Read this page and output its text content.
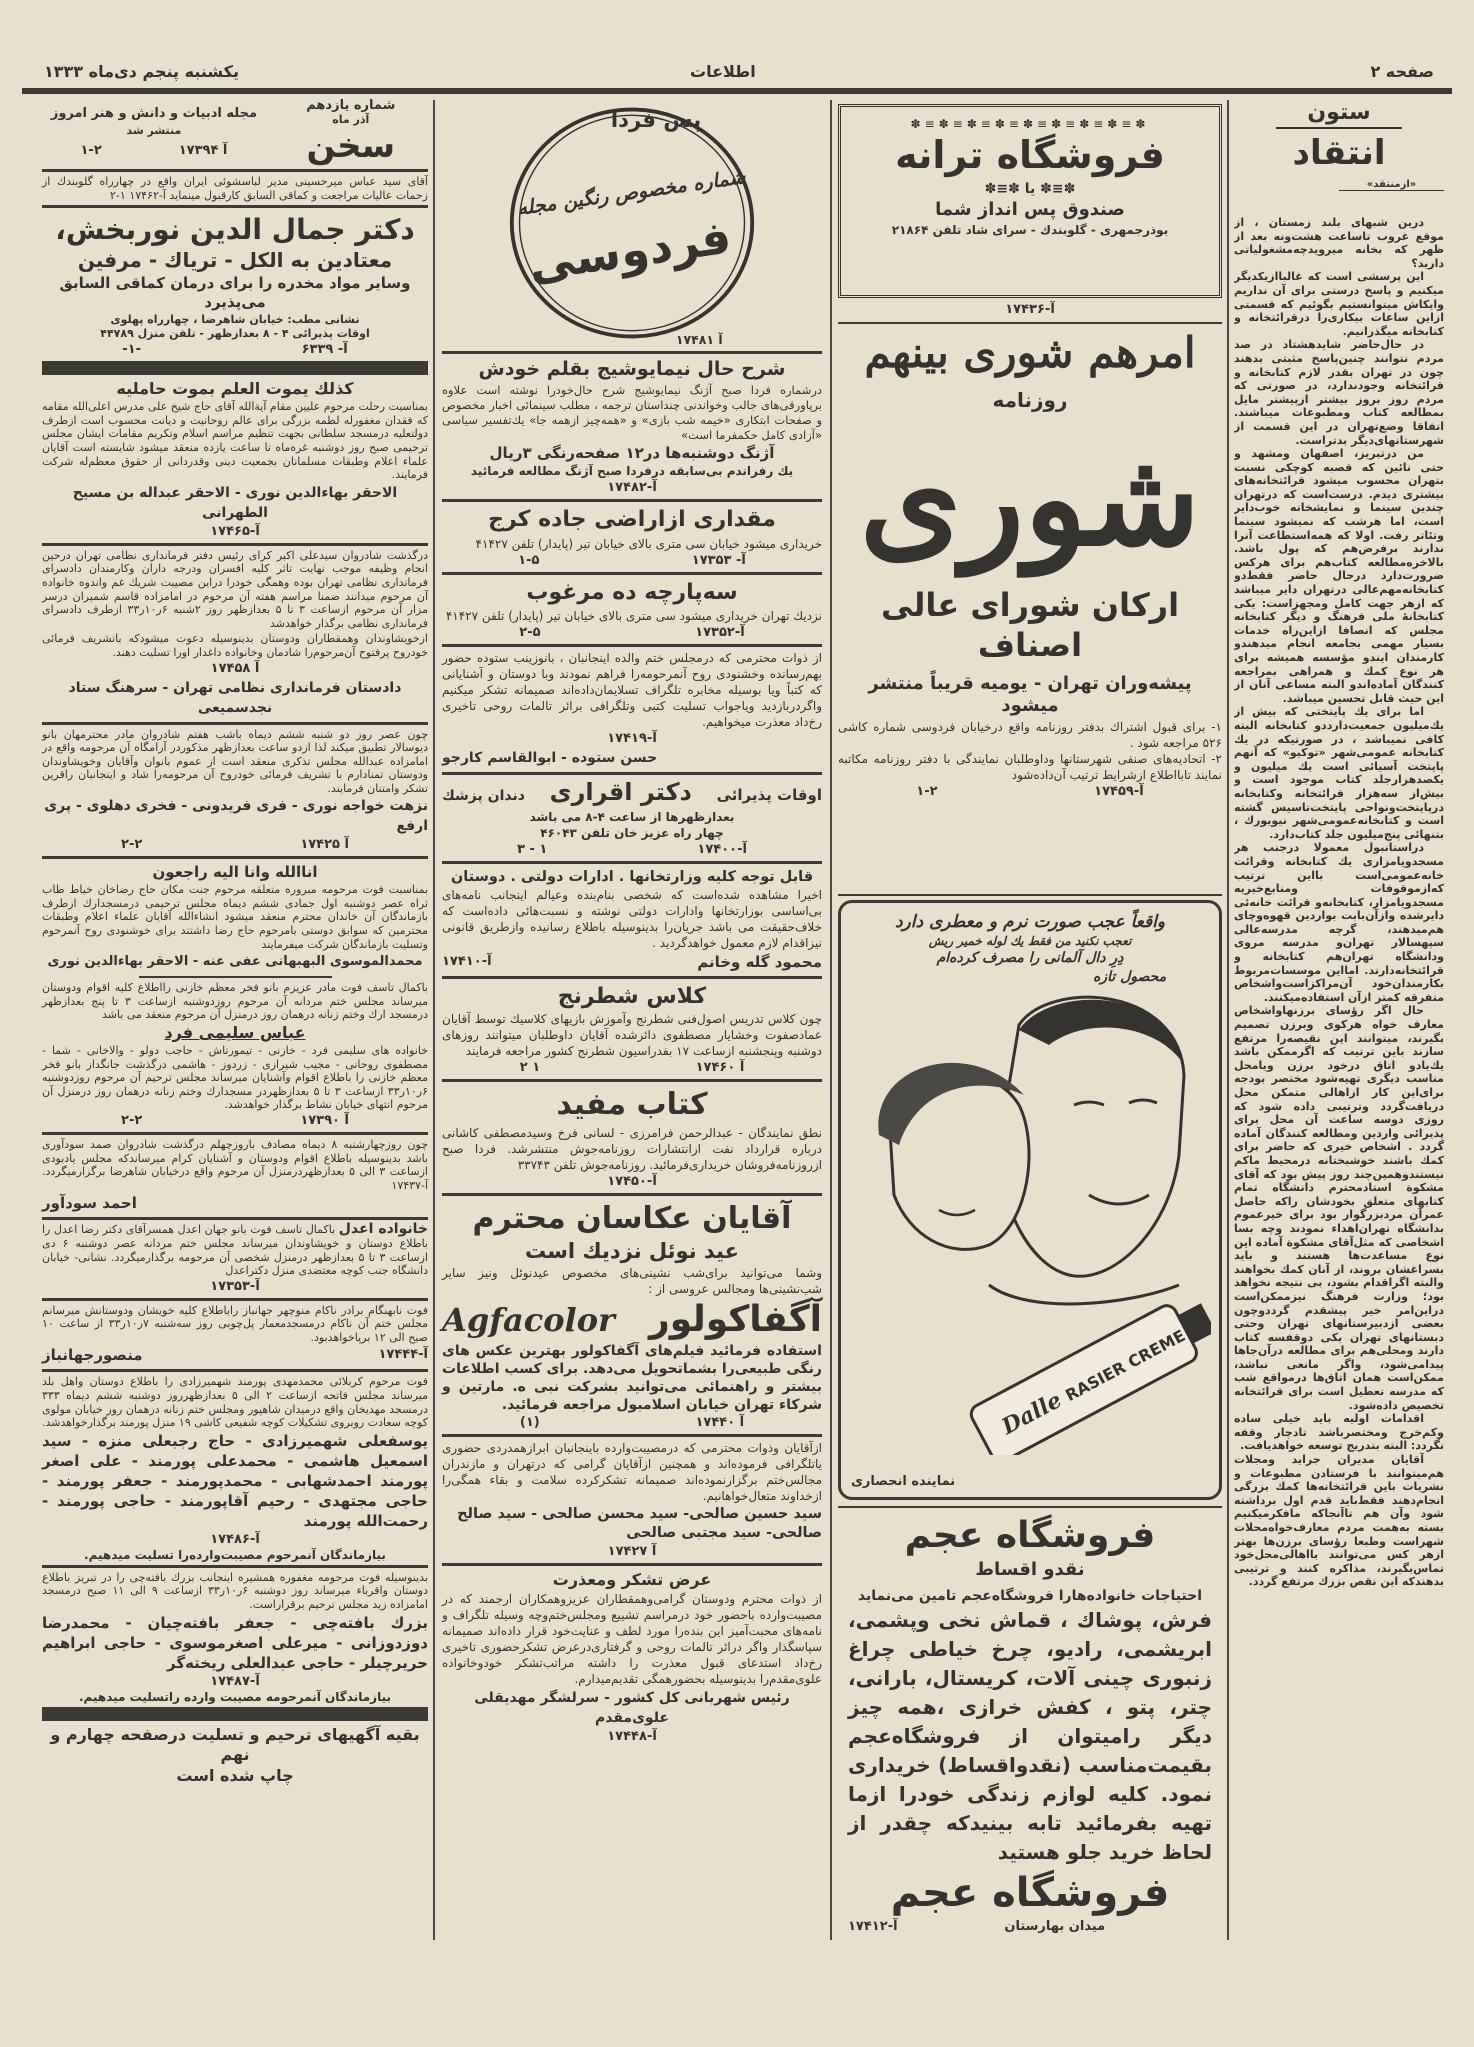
صفحه ۲
اطلاعات
یکشنبه پنجم دی‌ماه ۱۳۳۳
شماره یازدهم
آذر ماه
سخن
مجله ادبیات و دانش و هنر امروز
منتشر شد
آ ۱۷۳۹۴
۱-۲

آقای سید عباس میرحسینی مدیر لباسشوئی ایران واقع در چهارراه گلوبندك از زحمات عالیات مراجعت و کماقی السابق کارقبول مینماید آ-۱۷۴۶۲ ۱-۲

دکتر جمال الدین نوربخش،
معتادین به الکل - تریاك - مرفین
وسایر مواد مخدره را برای درمان کماقی السابق می‌پذیرد
نشانی مطب: خیابان شاهرضا ، چهارراه پهلوی
اوقات پذیرائی ۴ - ۸ بعدازظهر - تلفن منزل ۴۴۷۸۹
آ- ۶۳۳۹
-۱-
کذلك یموت العلم بموت حامليه

بمناسبت رحلت مرحوم علیین مقام آیة‌الله آقای حاج شیخ علی مدرس اعلی‌الله مقامه که فقدان مغفورله لطمه بزرگی برای عالم روحانیت و دیانت محسوب است ازطرف دولتعلیه درمسجد سلطانی بجهت تنظیم مراسم اسلام وتکریم مقامات ایشان مجلس ترحیمی صبح روز دوشنبه غره‌ماه تا ساعت یازده منعقد میشود شایسته است آقایان علماء اعلام وطبقات مسلمانان بجمعیت دینی وقدردانی از حقوق معظم‌له شرکت فرمایند.

الاحقر بهاءالدین نوری - الاحقر عبداله بن مسیح الطهرانی
آ-۱۷۴۶۵

درگذشت شادروان سیدعلی اکبر کرای رئیس دفتر فرمانداری نظامی تهران درحین انجام وظیفه موجب نهایت تاثر کلیه افسران ودرجه داران وکارمندان دادسرای فرمانداری نظامی تهران بوده وهمگی خودرا دراین مصیبت شریك غم واندوه خانواده آن مرحوم میدانند ضمنا مراسم هفته آن مرحوم در امامزاده قاسم شمیران درسر مزار آن مرحوم ازساعت ۳ تا ۵ بعدازظهر روز ۲شنبه ۶ر۱۰ر۳۳ ازطرف دادسرای فرمانداری نظامی برگذار خواهدشد

ازخویشاوندان وهمقطاران ودوستان بدینوسیله دعوت میشودکه باتشریف فرمائی خودروح پرفتوح آن‌مرحوم‌را شادمان وخانواده داغدار اورا تسلیت دهند.

آ ۱۷۴۵۸
دادستان فرمانداری نظامی تهران - سرهنگ ستاد نجدسمیعی

چون عصر روز دو شنبه ششم دیماه باشب هفتم شادروان مادر محترمهان بانو دیوسالار تطبیق میکند لذا ازدو ساعت بعدازظهر مذکوردر آرامگاه آن مرحومه واقع در امامزاده عبدالله مجلس تذکری منعقد است از عموم بانوان وآقایان وخویشاوندان ودوستان تمنادارم با تشریف فرمائی خودروح آن مرحومه‌را شاد و اینجانبان راقرین تشکر وامتنان فرمایند.

نزهت خواجه نوری - فری فریدونی - فخری دهلوی - پری ارفع
آ ۱۷۴۲۵
۲-۲
اناالله وانا الیه راجعون

بمناسبت فوت مرحومه مبروره متعلقه مرحوم جنت مکان حاج رضاخان خیاط طاب ثراه عصر دوشنبه اول جمادی ششم دیماه مجلس ترحیمی درمسجدارك ازطرف بازماندگان آن خاندان محترم منعقد میشود انشاءالله آقایان علماء اعلام وطبقات محترمین که سوابق دوستی بامرحوم حاج رضا داشتند برای خوشنودی روح آنمرحوم وتسلیت بازماندگان شرکت میفرمایند

محمدالموسوی البهبهانی عفی عنه - الاحقر بهاءالدین نوری

باکمال تاسف فوت مادر عزیزم بانو فخر معظم خازنی رااطلاع کلیه اقوام ودوستان میرساند مجلس ختم مردانه آن مرحوم روزدوشنبه ازساعت ۳ تا پنج بعدازظهر درمسجد ارك وختم زنانه درهمان روز درمنزل آن مرحوم منعقد می باشد

عباس سلیمی فرد

خانواده های سلیمی فرد - خازنی - تیمورتاش - حاجب دولو - والاخانی - شما - مصطفوی روحانی - مجیب شیرازی - زردوز - هاشمی درگذشت جانگداز بانو فخر معظم خازنی را باطلاع اقوام وآشنایان میرساند مجلس ترحیم آن مرحوم روزدوشنبه ۶ر۱۰ر۳۳ ازساعت ۳ تا ۵ بعدازظهردر مسجدارك وختم زنانه درهمان روز درمنزل آن مرحوم انتهای خیابان نشاط برگذار خواهدشد.

آ ۱۷۳۹۰
۲-۲

چون روزچهارشنبه ۸ دیماه مصادف باروزچهلم درگذشت شادروان صمد سودآوری باشد بدینوسیله باطلاع اقوام ودوستان و آشنایان کرام میرساندکه مجلس یادبودی ازساعت ۳ الی ۵ بعدازظهردرمنزل آن مرحوم واقع درخیابان شاهرضا برگزارمیگردد. آ-۱۷۴۳۷

احمد سودآور

خانواده اعدل باکمال تاسف فوت بانو جهان اعدل همسرآقای دکتر رضا اعدل را باطلاع دوستان و خویشاوندان میرساند مجلس ختم مردانه عصر دوشنبه ۶ دی ازساعت ۳ تا ۵ بعدازظهر درمنزل شخصی آن مرحومه برگذارمیگردد. نشانی- خیابان دانشگاه جنب کوچه معتضدی منزل دکتراعدل

آ-۱۷۳۵۳

فوت نابهنگام برادر ناکام منوچهر جهانباز راباطلاع کلیه خویشان ودوستانش میرسانم مجلس ختم آن ناکام درمسجدمعمار پل‌چوبی روز سه‌شنبه ۷ر۱۰ر۳۳ از ساعت ۱۰ صبح الی ۱۲ برپاخواهدبود.

آ-۱۷۴۴۴
منصورجهانباز

فوت مرحوم کربلائی محمدمهدی پورمند شهمیرزادی را باطلاع دوستان واهل بلد میرساند مجلس فاتحه ازساعت ۲ الی ۵ بعدازظهرروز دوشنبه ششم دیماه ۳۳۳ درمسجد مهدیخان واقع درمیدان شاهپور ومجلس ختم زنانه درهمان روز خیابان مولوی کوچه سعادت روبروی تشکیلات کوچه شفیعی کاشی ۱۹ منزل پورمند برگذارخواهدشد.

یوسفعلی شهمیرزادی - حاج رجبعلی منزه - سید اسمعیل هاشمی - محمدعلی پورمند - علی اصغر پورمند احمدشهابی - محمدپورمند - جعفر پورمند - حاجی مجتهدی - رحیم آقاپورمند - حاجی پورمند - رحمت‌الله پورمند

آ-۱۷۴۸۶
بیازماندگان آنمرحوم مصیبت‌وارده‌را تسلیت میدهیم.

بدینوسیله فوت مرحومه مغفوره همشیره اینجانب بزرك بافته‌چی را در تبریز باطلاع دوستان واقرباء میرساند روز دوشنبه ۶ر۱۰ر۳۳ ازساعت ۹ الی ۱۱ صبح درمسجد امامزاده زید مجلس ترحیم برقراراست.

بزرك بافته‌چی - جعفر بافته‌چیان - محمدرضا دوزدوزانی - میرعلی اصغرموسوی - حاجی ابراهیم حریرچیلر - حاجی عبدالعلی ریخته‌گر

آ-۱۷۴۸۷
بیازماندگان آنمرحومه مصیبت وارده راتسلیت میدهیم.
بقیه آگهیهای ترحیم و تسلیت درصفحه چهارم و نهم
چاپ شده است
پس فردا
شماره مخصوص رنگین مجله
فردوسی
آ ۱۷۴۸۱
شرح حال نیمایوشیج بقلم خودش

درشماره فردا صبح آژنگ نیمایوشیج شرح حال‌خودرا نوشته است علاوه برپاورقی‌های جالب وخواندنی چنداستان ترجمه ، مطلب سینمائی اخبار مخصوص و صفحات ابتکاری «خیمه شب بازی» و «همه‌چیز ازهمه جا» یك‌تفسیر سیاسی «آزادی کامل حکمفرما است»

آژنگ دوشنبه‌ها در۱۲ صفحه‌رنگی ۳ریال
یك رفراندم بی‌سابقه درفردا صبح آژنگ مطالعه فرمائید
آ-۱۷۴۸۲
مقداری ازاراضی جاده کرج

خریداری میشود خیابان سی متری بالای خیابان تیر (پایدار) تلفن ۴۱۴۲۷

آ- ۱۷۳۵۳
۱-۵
سه‌پارچه ده مرغوب

نزدیك تهران خریداری میشود سی متری بالای خیابان تیر (پایدار) تلفن ۴۱۴۲۷

آ-۱۷۳۵۲
۲-۵

از ذوات محترمی که درمجلس ختم والده اینجانبان ، بانوزینب ستوده حضور بهم‌رسانده وخشنودی روح آنمرحومه‌را فراهم نمودند وبا دوستان و آشنایانی که کتباً ویا بوسیله مخابره تلگراف تسلایمان‌داده‌اند صمیمانه تشکر میکنیم واگردربازدید ویاجواب تسلیت کتبی وتلگرافی برائر تالمات روحی تاخیری رخ‌داد معذرت میخواهیم.

آ-۱۷۴۱۹
حسن ستوده - ابوالقاسم کارجو
اوقات پذیرائی
دکتر اقراری
دندان پزشك
بعدازظهرها از ساعت ۴-۸ می باشد
چهار راه عزیز خان تلفن ۴۶۰۴۳
آ-۱۷۴۰۰
۱ - ۳
قابل توجه کلیه وزارتخانها . ادارات دولتی . دوستان

اخیرا مشاهده شده‌است که شخصی بنام‌بنده وعیالم اینجانب نامه‌های بی‌اساسی بوزارتخانها وادارات دولتی نوشته و نسبت‌هائی داده‌است که خلاف‌حقیقت می باشد جریان‌را بدینوسیله باطلاع رسانیده وازطریق قانونی نیزاقدام لازم معمول خواهدگردید .

محمود گله وخانم
آ-۱۷۴۱۰
کلاس شطرنج

چون کلاس تدریس اصول‌فنی شطرنج وآموزش بازیهای کلاسیك توسط آقایان عمادصفوت وخشایار مصطفوی دائرشده آقایان داوطلبان میتوانند روزهای دوشنبه وپنجشنبه ازساعت ۱۷ بفدراسیون شطرنج کشور مراجعه فرمایند

آ ۱۷۴۶۰
۱ ۲
کتاب مفید

نطق نمایندگان - عبدالرحمن فرامرزی - لسانی فرخ وسیدمصطفی کاشانی درباره قرارداد نفت ازانتشارات روزنامه‌جوش منتشرشد. فردا صبح ازروزنامه‌فروشان خریداری‌فرمائید. روزنامه‌جوش تلفن ۳۳۷۴۳

آ-۱۷۴۵۰
آقایان عکاسان محترم
عید نوئل نزدیك است

وشما می‌توانید برای‌شب نشینی‌های مخصوص عیدنوئل ونیز سایر شب‌نشینی‌ها ومجالس عروسی از :

آگفاکولور
Agfacolor

استفاده فرمائید فیلم‌های آگفاکولور بهترین عکس های رنگی طبیعی‌را بشماتحویل می‌دهد. برای کسب اطلاعات بیشتر و راهنمائی می‌توانید بشرکت نبی ه. مارتین و شرکاء تهران خیابان اسلامبول مراجعه فرمائید.

آ ۱۷۴۴۰
(۱)

ازآقایان وذوات محترمی که درمصیبت‌وارده باینجانبان ابرازهمدردی حضوری یاتلگرافی فرموده‌اند و همچنین ازآقایان گرامی که درتهران و مازندران مجالس‌ختم برگزارنموده‌اند صمیمانه تشکرکرده سلامت و بقاء همگی‌را ازخداوند متعال‌خواهانیم.

سید حسین صالحی- سید محسن صالحی - سید صالح صالحی- سید مجتبی صالحی

آ ۱۷۴۲۷
عرض تشکر ومعذرت

از ذوات محترم ودوستان گرامی‌وهمقطاران عزیزوهمکاران ارجمند که در مصیبت‌وارده باحضور خود درمراسم تشییع ومجلس‌ختم‌وچه وسیله تلگراف و نامه‌های محبت‌آمیز این بنده‌را مورد لطف و عنایت‌خود قرار داده‌اند صمیمانه سپاسگذار واگر درائر تالمات روحی و گرفتاری‌درعرض تشکرحضوری تاخیری رخ‌داد استدعای قبول معذرت را داشته مراتب‌تشکر خودوخانواده علوی‌مقدم‌را بدینوسیله بحضورهمگی تقدیم‌میدارم.

رئیس شهربانی کل کشور - سرلشگر مهدیقلی علوی‌مقدم
آ-۱۷۴۴۸
✽≡✽≡✽≡✽≡✽≡✽≡✽≡✽≡✽
فروشگاه ترانه
✽≡✽ یا ✽≡✽
صندوق پس انداز شما
بوذرجمهری - گلوبندك - سرای شاد تلفن ۲۱۸۶۴
آ-۱۷۴۳۶
امرهم شوری بینهم
روزنامه
شوری
ارکان شورای عالی اصناف
پیشه‌وران تهران - یومیه قریباً منتشر میشود

۱- برای قبول اشتراك بدفتر روزنامه واقع درخیابان فردوسی شماره کاشی ۵۲۶ مراجعه شود .

۲- اتحادیه‌های صنفی شهرستانها وداوطلبان نمایندگی با دفتر روزنامه مکاتبه نمایند تابااطلاع ازشرایط ترتیب آن‌داده‌شود

آ-۱۷۴۵۹
۱-۲
واقعاً عجب صورت نرم و معطری دارد
تعجب نکنید من فقط یك لوله خمیر ریش
دِرِ دال آلمانی را مصرف کرده‌ام
محصول تازه
Dalle
RASIER CREME
نماینده انحصاری
فروشگاه عجم
نقدو اقساط
احتیاجات خانواده‌هارا فروشگاه‌عجم تامین می‌نماید

فرش، پوشاك ، قماش نخی وپشمی، ابریشمی، رادیو، چرخ خیاطی چراغ زنبوری چینی آلات، کریستال، بارانی، چتر، پتو ، کفش خرازی ،همه چیز دیگر رامیتوان از فروشگاه‌عجم بقیمت‌مناسب (نقدواقساط) خریداری نمود. کلیه لوازم زندگی خودرا ازما تهیه بفرمائید تابه بینیدکه چقدر از لحاظ خرید جلو هستید

فروشگاه عجم
میدان بهارستان
آ-۱۷۴۱۲
ستون
انتقاد
«ازمنتقد»

درین شبهای بلند زمستان ، از موقع غروب تاساعت هشت‌ونه بعد از ظهر که بخانه میرویدچه‌مشغولیاتی دارید؟

این پرسشی است که غالباازیکدیگر میکنیم و پاسخ درستی برای آن نداریم وایکاش میتوانستیم بگوئیم که قسمتی ازاین ساعات بیکاری‌را درقرائتخانه و کتابخانه میگذرانیم.

در حال‌حاضر شایدهشتاد در صد مردم نتوانند چنین‌پاسخ مثبتی بدهند چون در تهران بقدر لازم کتابخانه و قرائتخانه وجودندارد، در صورتی که مردم روز بروز بیشتر ازپیشتر مایل بمطالعه کتاب ومطبوعات میباشند. اتفاقا وضع‌تهران در این قسمت از شهرستانهای‌دیگر بدتراست.

من درتبریز، اصفهان ومشهد و حتی نائین که قصبه کوچکی نسبت بتهران محسوب میشود قرائتخانه‌های بیشتری دیدم. درست‌است که درتهران چندین سینما و نمایشخانه خوب‌دایر است، اما هرشب که نمیشود سینما وتئاتر رفت. اولا که همه‌استطاعت آنرا ندارند برفرض‌هم که پول باشد. بالاخره‌مطالعه کتاب‌هم برای هرکس ضرورت‌دارد درحال حاضر فقط‌دو کتابخانه‌مهم‌عالی درتهران دایر میباشد که ازهر جهت کامل ومجهزاست: یکی کتابخانهٔ ملی فرهنگ و دیگر کتابخانه مجلس که انصافا ازاین‌راه خدمات بسیار مهمی بجامعه انجام میدهندو کارمندان ایندو مؤسسه همیشه برای هر نوع کمك و همراهی بمراجعه کنندگان آماده‌اندو البته مساعی آنان از این حیث قابل تحسین میباشد.

اما برای یك پایتختی که بیش از یك‌میلیون جمعیت‌دارددو کتابخانه البته کافی نمیباشد ، در صورتیکه در یك کتابخانه عمومی‌شهر «توکیو» که آنهم پایتخت آسیائی است یك میلیون و یکصدهزارجلد کتاب موجود است و بیش‌از سه‌هزار قرائتخانه وکتابخانه درپایتخت‌ونواحی پایتخت‌تاسیس گشته است و کتابخانه‌عمومی‌شهر نیویورك ، بتنهائی پنج‌میلیون جلد کتاب‌دارد.

دراستانبول معمولا درجنب هر مسجدویامزاری یك کتابخانه وقرائت خانه‌عمومی‌است بااین ترتیب که‌ازموقوفات ومنابع‌خیریه مسجدویامزار، کتابخانه‌و قرائت خانه‌ئی دایرشده وازآن‌بابت بواردین قهوه‌وچای هم‌میدهند، گرچه مدرسه‌عالی سپهسالار تهران‌و مدرسه مروی ودانشگاه تهران‌هم کتابخانه و قرائتخانه‌دارند. امااین موسسات‌مربوط بکارمندان‌خود آن‌مراکزاست‌واشخاص متفرقه کمتر ازآن استفاده‌میکنند.

حال اگر رؤسای برزنهاواشخاص معارف خواه هرکوی وبرزن تصمیم بگیرند، میتوانند این نقیصه‌را مرتفع سازند باین ترتیب که اگرممکن باشد یك‌یادو اتاق درخود برزن ویامحل مناسب دیگری تهیه‌شود مختصر بودجه برای‌این کار ازاهالی متمکن محل دریافت‌گردد وترتیبی داده شود که روزی دوسه ساعت آن محل برای پذیرائی واردین ومطالعه کنندگان آماده گردد . اشخاص خیری که حاضر برای کمك باشند خوشبختانه درمحیط ماکم نیستندوهمین‌چند روز پیش بود که آقای مشکوة استادمحترم دانشگاه تمام کتابهای متعلق بخودشان راکه حاصل عمرآن مردبزرگوار بود برای خیرعموم بدانشگاه تهران‌اهداء نمودند وچه بسا اشخاصی که مثل‌آقای مشکوة آماده این نوع مساعدت‌ها هستند و باید بسراغشان بروند، از آنان کمك بخواهند والبته اگراقدام بشود، بی نتیجه نخواهد بود؛ وزارت فرهنگ نیزممکن‌است دراین‌امر خیر پیشقدم گرددوچون بعضی ازدبیرستانهای تهران وحتی دبستانهای تهران یکی دوقفسه کتاب دارند ومحلی‌هم برای مطالعه درآن‌جاها پیدامی‌شود، واگر مانعی نباشد، ممکن‌است همان اتاق‌ها درمواقع شب که مدرسه تعطیل است برای قرائتخانه تخصیص داده‌شود.

اقدامات اولیه باید خیلی ساده وکم‌خرج ومختصرباشد تادچار وقفه نگردد: البته بتدریج توسعه خواهدیافت.

آقایان مدیران جراید ومجلات هم‌میتوانند با فرستادن مطبوعات و نشریات باین قرائتخانه‌ها کمك بزرگی انجام‌دهند فقط‌باید قدم اول برداشته شود وآن هم تاآنجاکه مافکرمیکنیم بسته به‌همت مردم معارف‌خواه‌محلات شهراست وطبعا رؤسای برزن‌ها بهتر ازهر کس می‌توانند بااهالی‌محل‌خود تماس‌بگیرند، مذاکره کنند و ترتیبی بدهندکه این نقص بزرك مرتفع گردد.
